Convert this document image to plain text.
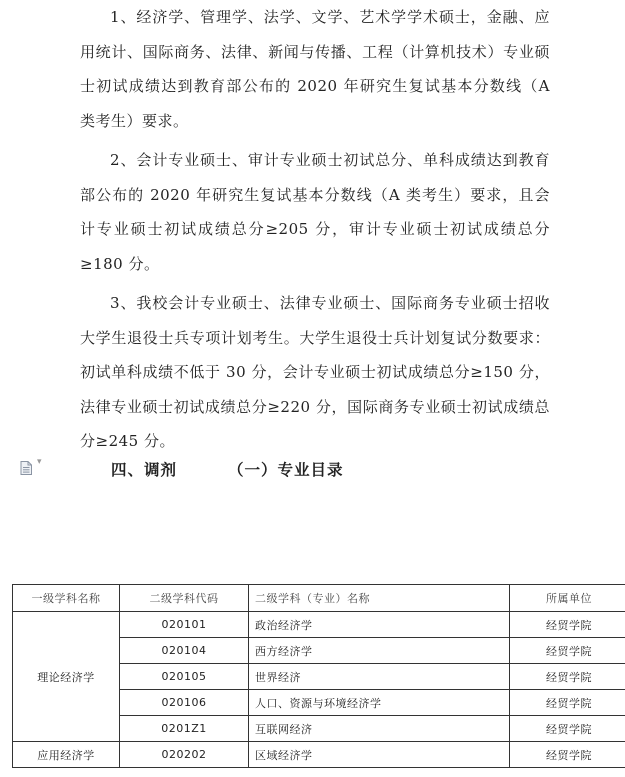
1、经济学、管理学、法学、文学、艺术学学术硕士，金融、应用统计、国际商务、法律、新闻与传播、工程（计算机技术）专业硕士初试成绩达到教育部公布的 2020 年研究生复试基本分数线（A 类考生）要求。

2、会计专业硕士、审计专业硕士初试总分、单科成绩达到教育部公布的 2020 年研究生复试基本分数线（A 类考生）要求，且会计专业硕士初试成绩总分≥205 分，审计专业硕士初试成绩总分≥180 分。

3、我校会计专业硕士、法律专业硕士、国际商务专业硕士招收大学生退役士兵专项计划考生。大学生退役士兵计划复试分数要求：初试单科成绩不低于 30 分，会计专业硕士初试成绩总分≥150 分，法律专业硕士初试成绩总分≥220 分，国际商务专业硕士初试成绩总分≥245 分。

▾	四、调剂	（一）专业目录
一级学科名称	二级学科代码	二级学科（专业）名称	所属单位
理论经济学	020101	政治经济学	经贸学院
	020104	西方经济学	经贸学院
	020105	世界经济	经贸学院
	020106	人口、资源与环境经济学	经贸学院
	0201Z1	互联网经济	经贸学院
应用经济学	020202	区域经济学	经贸学院
